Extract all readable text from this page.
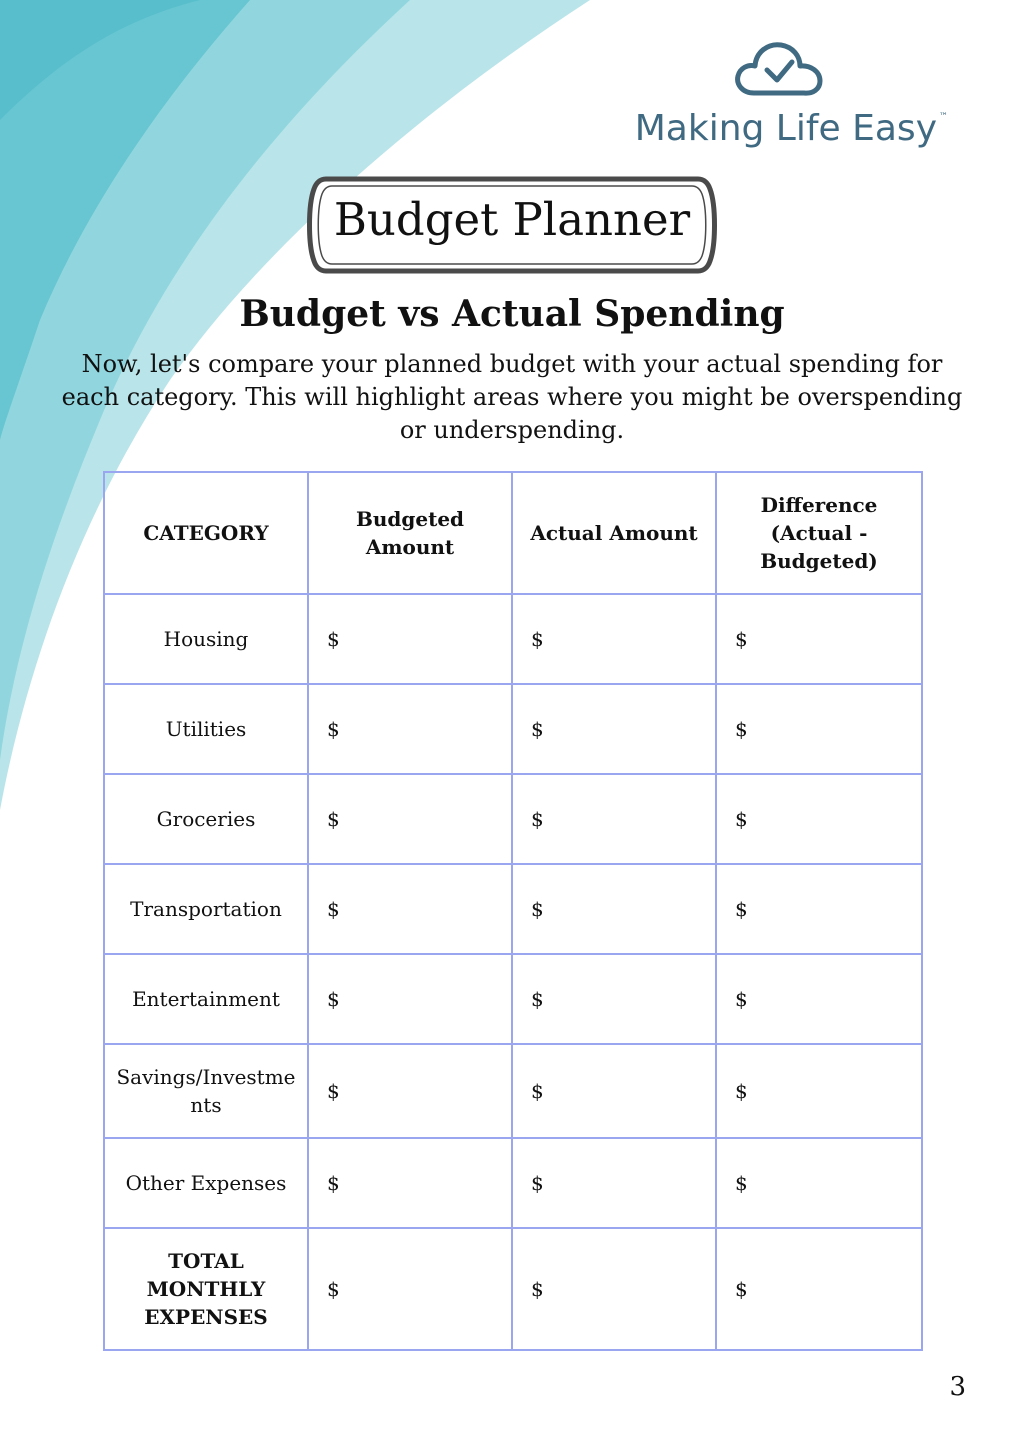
Making Life Easy ™
Budget Planner
Budget vs Actual Spending
Now, let's compare your planned budget with your actual spending for each category. This will highlight areas where you might be overspending or underspending.
CATEGORY	Budgeted Amount	Actual Amount	Difference (Actual - Budgeted)
Housing	$	$	$
Utilities	$	$	$
Groceries	$	$	$
Transportation	$	$	$
Entertainment	$	$	$
Savings/Investments	$	$	$
Other Expenses	$	$	$
TOTAL MONTHLY EXPENSES	$	$	$
3
